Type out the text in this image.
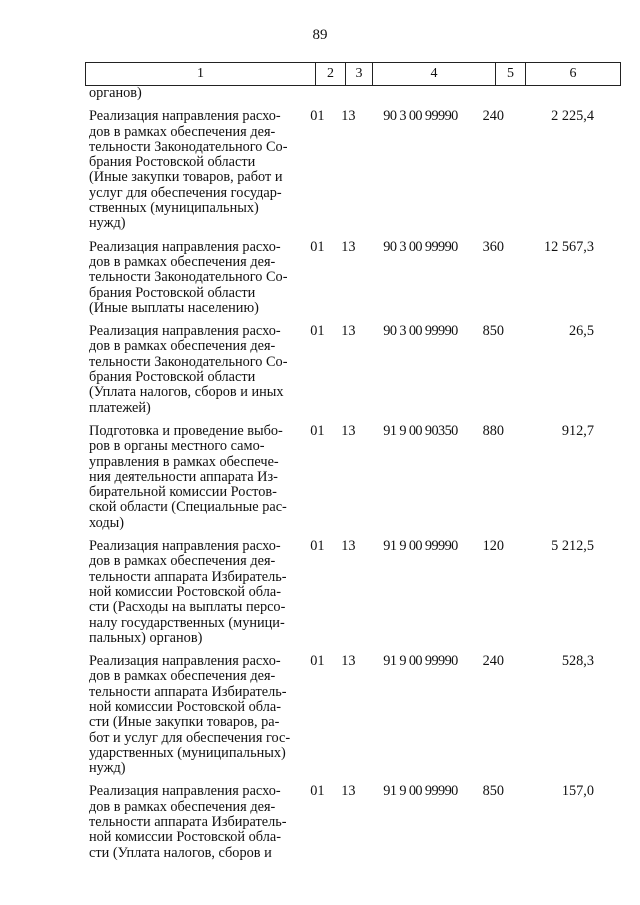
89
1	2	3	4	5	6
органов)
Реализация направления расхо-
дов в рамках обеспечения дея-
тельности Законодательного Со-
брания Ростовской области
(Иные закупки товаров, работ и
услуг для обеспечения государ-
ственных (муниципальных)
нужд)
01	13	90 3 00 99990	240	2 225,4
Реализация направления расхо-
дов в рамках обеспечения дея-
тельности Законодательного Со-
брания Ростовской области
(Иные выплаты населению)
01	13	90 3 00 99990	360	12 567,3
Реализация направления расхо-
дов в рамках обеспечения дея-
тельности Законодательного Со-
брания Ростовской области
(Уплата налогов, сборов и иных
платежей)
01	13	90 3 00 99990	850	26,5
Подготовка и проведение выбо-
ров в органы местного само-
управления в рамках обеспече-
ния деятельности аппарата Из-
бирательной комиссии Ростов-
ской области (Специальные рас-
ходы)
01	13	91 9 00 90350	880	912,7
Реализация направления расхо-
дов в рамках обеспечения дея-
тельности аппарата Избиратель-
ной комиссии Ростовской обла-
сти (Расходы на выплаты персо-
налу государственных (муници-
пальных) органов)
01	13	91 9 00 99990	120	5 212,5
Реализация направления расхо-
дов в рамках обеспечения дея-
тельности аппарата Избиратель-
ной комиссии Ростовской обла-
сти (Иные закупки товаров, ра-
бот и услуг для обеспечения гос-
ударственных (муниципальных)
нужд)
01	13	91 9 00 99990	240	528,3
Реализация направления расхо-
дов в рамках обеспечения дея-
тельности аппарата Избиратель-
ной комиссии Ростовской обла-
сти (Уплата налогов, сборов и
01	13	91 9 00 99990	850	157,0
